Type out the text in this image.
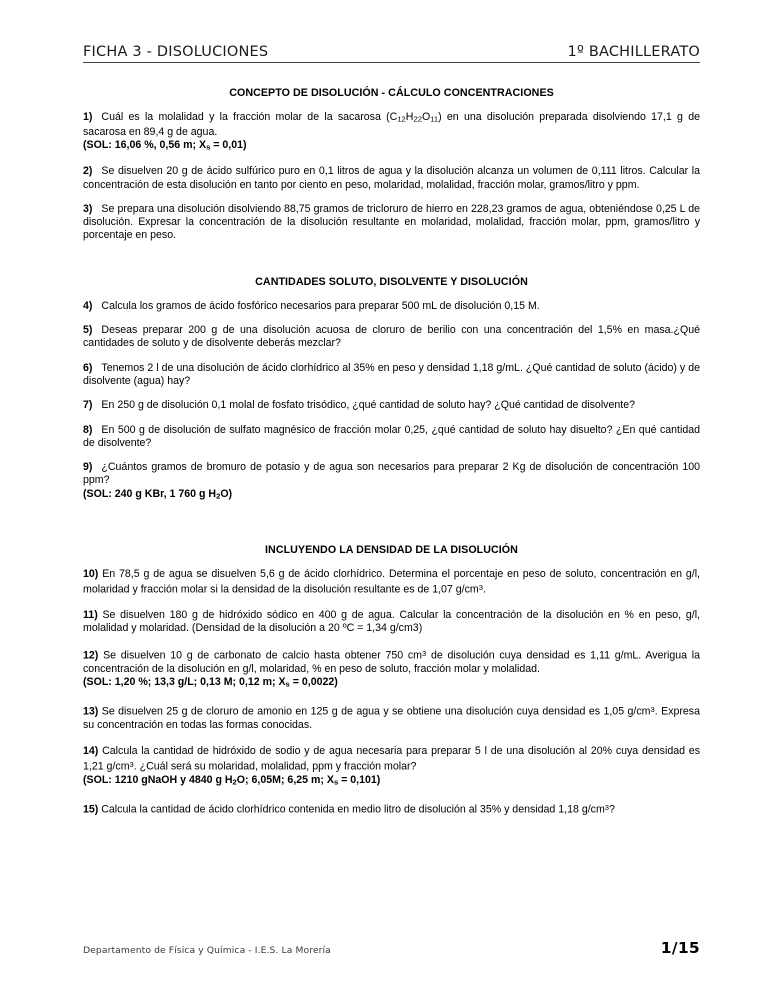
FICHA 3 - DISOLUCIONES	1º BACHILLERATO
CONCEPTO DE DISOLUCIÓN - CÁLCULO CONCENTRACIONES

1) Cuál es la molalidad y la fracción molar de la sacarosa $(C_{12}H_{22}O_{11})$ en una disolución preparada disolviendo 17,1 g de sacarosa en 89,4 g de agua.

(SOL: 16,06 %, 0,56 m; $X_s = 0,01$)

2) Se disuelven 20 g de ácido sulfúrico puro en 0,1 litros de agua y la disolución alcanza un volumen de 0,111 litros. Calcular la concentración de esta disolución en tanto por ciento en peso, molaridad, molalidad, fracción molar, gramos/litro y ppm.

3) Se prepara una disolución disolviendo 88,75 gramos de tricloruro de hierro en 228,23 gramos de agua, obteniéndose 0,25 L de disolución. Expresar la concentración de la disolución resultante en molaridad, molalidad, fracción molar, ppm, gramos/litro y porcentaje en peso.

CANTIDADES SOLUTO, DISOLVENTE Y DISOLUCIÓN

4) Calcula los gramos de ácido fosfórico necesarios para preparar 500 mL de disolución 0,15 M.

5) Deseas preparar 200 g de una disolución acuosa de cloruro de berilio con una concentración del 1,5% en masa.¿Qué cantidades de soluto y de disolvente deberás mezclar?

6) Tenemos 2 l de una disolución de ácido clorhídrico al 35% en peso y densidad 1,18 g/mL. ¿Qué cantidad de soluto (ácido) y de disolvente (agua) hay?

7) En 250 g de disolución 0,1 molal de fosfato trisódico, ¿qué cantidad de soluto hay? ¿Qué cantidad de disolvente?

8) En 500 g de disolución de sulfato magnésico de fracción molar 0,25, ¿qué cantidad de soluto hay disuelto? ¿En qué cantidad de disolvente?

9) ¿Cuántos gramos de bromuro de potasio y de agua son necesarios para preparar 2 Kg de disolución de concentración 100 ppm?

(SOL: 240 g KBr, 1 760 g $H_2O$)

INCLUYENDO LA DENSIDAD DE LA DISOLUCIÓN

10) En 78,5 g de agua se disuelven 5,6 g de ácido clorhídrico. Determina el porcentaje en peso de soluto, concentración en g/l, molaridad y fracción molar si la densidad de la disolución resultante es de 1,07 $g/cm^3$.

11) Se disuelven 180 g de hidróxido sódico en 400 g de agua. Calcular la concentración de la disolución en % en peso, g/l, molalidad y molaridad. (Densidad de la disolución a 20 ºC = 1,34 g/cm3)

12) Se disuelven 10 g de carbonato de calcio hasta obtener 750 $cm^3$ de disolución cuya densidad es 1,11 g/mL. Averigua la concentración de la disolución en g/l, molaridad, % en peso de soluto, fracción molar y molalidad.

(SOL: 1,20 %; 13,3 g/L; 0,13 M; 0,12 m; $X_s = 0,0022$)

13) Se disuelven 25 g de cloruro de amonio en 125 g de agua y se obtiene una disolución cuya densidad es 1,05 $g/cm^3$. Expresa su concentración en todas las formas conocidas.

14) Calcula la cantidad de hidróxido de sodio y de agua necesaria para preparar 5 l de una disolución al 20% cuya densidad es 1,21 $g/cm^3$. ¿Cuál será su molaridad, molalidad, ppm y fracción molar?

(SOL: 1210 gNaOH y 4840 g $H_2O$; 6,05M; 6,25 m; $X_s = 0,101$)

15) Calcula la cantidad de ácido clorhídrico contenida en medio litro de disolución al 35% y densidad 1,18 $g/cm^3$?

Departamento de Física y Química - I.E.S. La Morería	1/15
